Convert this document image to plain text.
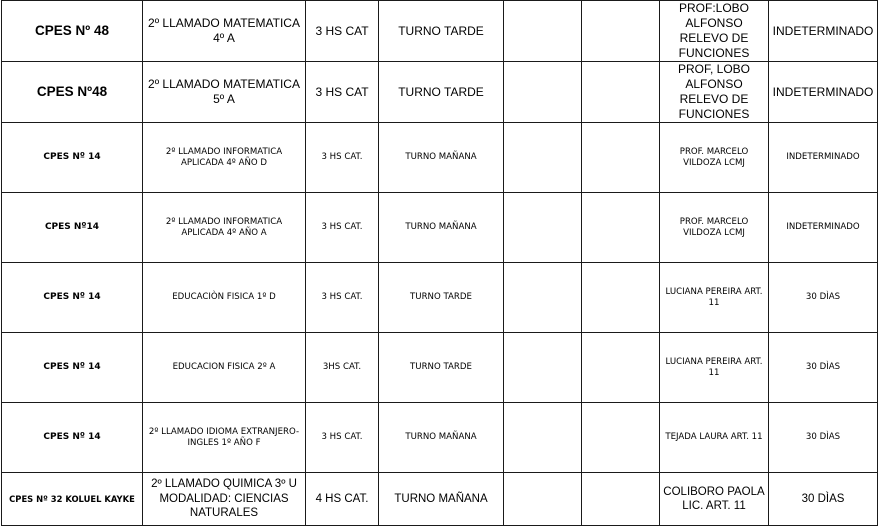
CPES Nº 48	2º LLAMADO MATEMATICA 4º A	3 HS CAT	TURNO TARDE			PROF:LOBO ALFONSO RELEVO DE FUNCIONES	INDETERMINADO
CPES Nº48	2º LLAMADO MATEMATICA 5º A	3 HS CAT	TURNO TARDE			PROF, LOBO ALFONSO RELEVO DE FUNCIONES	INDETERMINADO
CPES Nº 14	2º LLAMADO INFORMATICA APLICADA 4º AÑO D	3 HS CAT.	TURNO MAÑANA			PROF. MARCELO VILDOZA LCMJ	INDETERMINADO
CPES Nº14	2º LLAMADO INFORMATICA APLICADA 4º AÑO A	3 HS CAT.	TURNO MAÑANA			PROF. MARCELO VILDOZA LCMJ	INDETERMINADO
CPES Nº 14	EDUCACIÒN FISICA 1º D	3 HS CAT.	TURNO TARDE			LUCIANA PEREIRA ART. 11	30 DÌAS
CPES Nº 14	EDUCACION FISICA 2º A	3HS CAT.	TURNO TARDE			LUCIANA PEREIRA ART. 11	30 DÌAS
CPES Nº 14	2º LLAMADO IDIOMA EXTRANJERO- INGLES 1º AÑO F	3 HS CAT.	TURNO MAÑANA			TEJADA LAURA ART. 11	30 DÌAS
CPES Nº 32 KOLUEL KAYKE	2º LLAMADO QUIMICA 3º U MODALIDAD: CIENCIAS NATURALES	4 HS CAT.	TURNO MAÑANA			COLIBORO PAOLA LIC. ART. 11	30 DÌAS
